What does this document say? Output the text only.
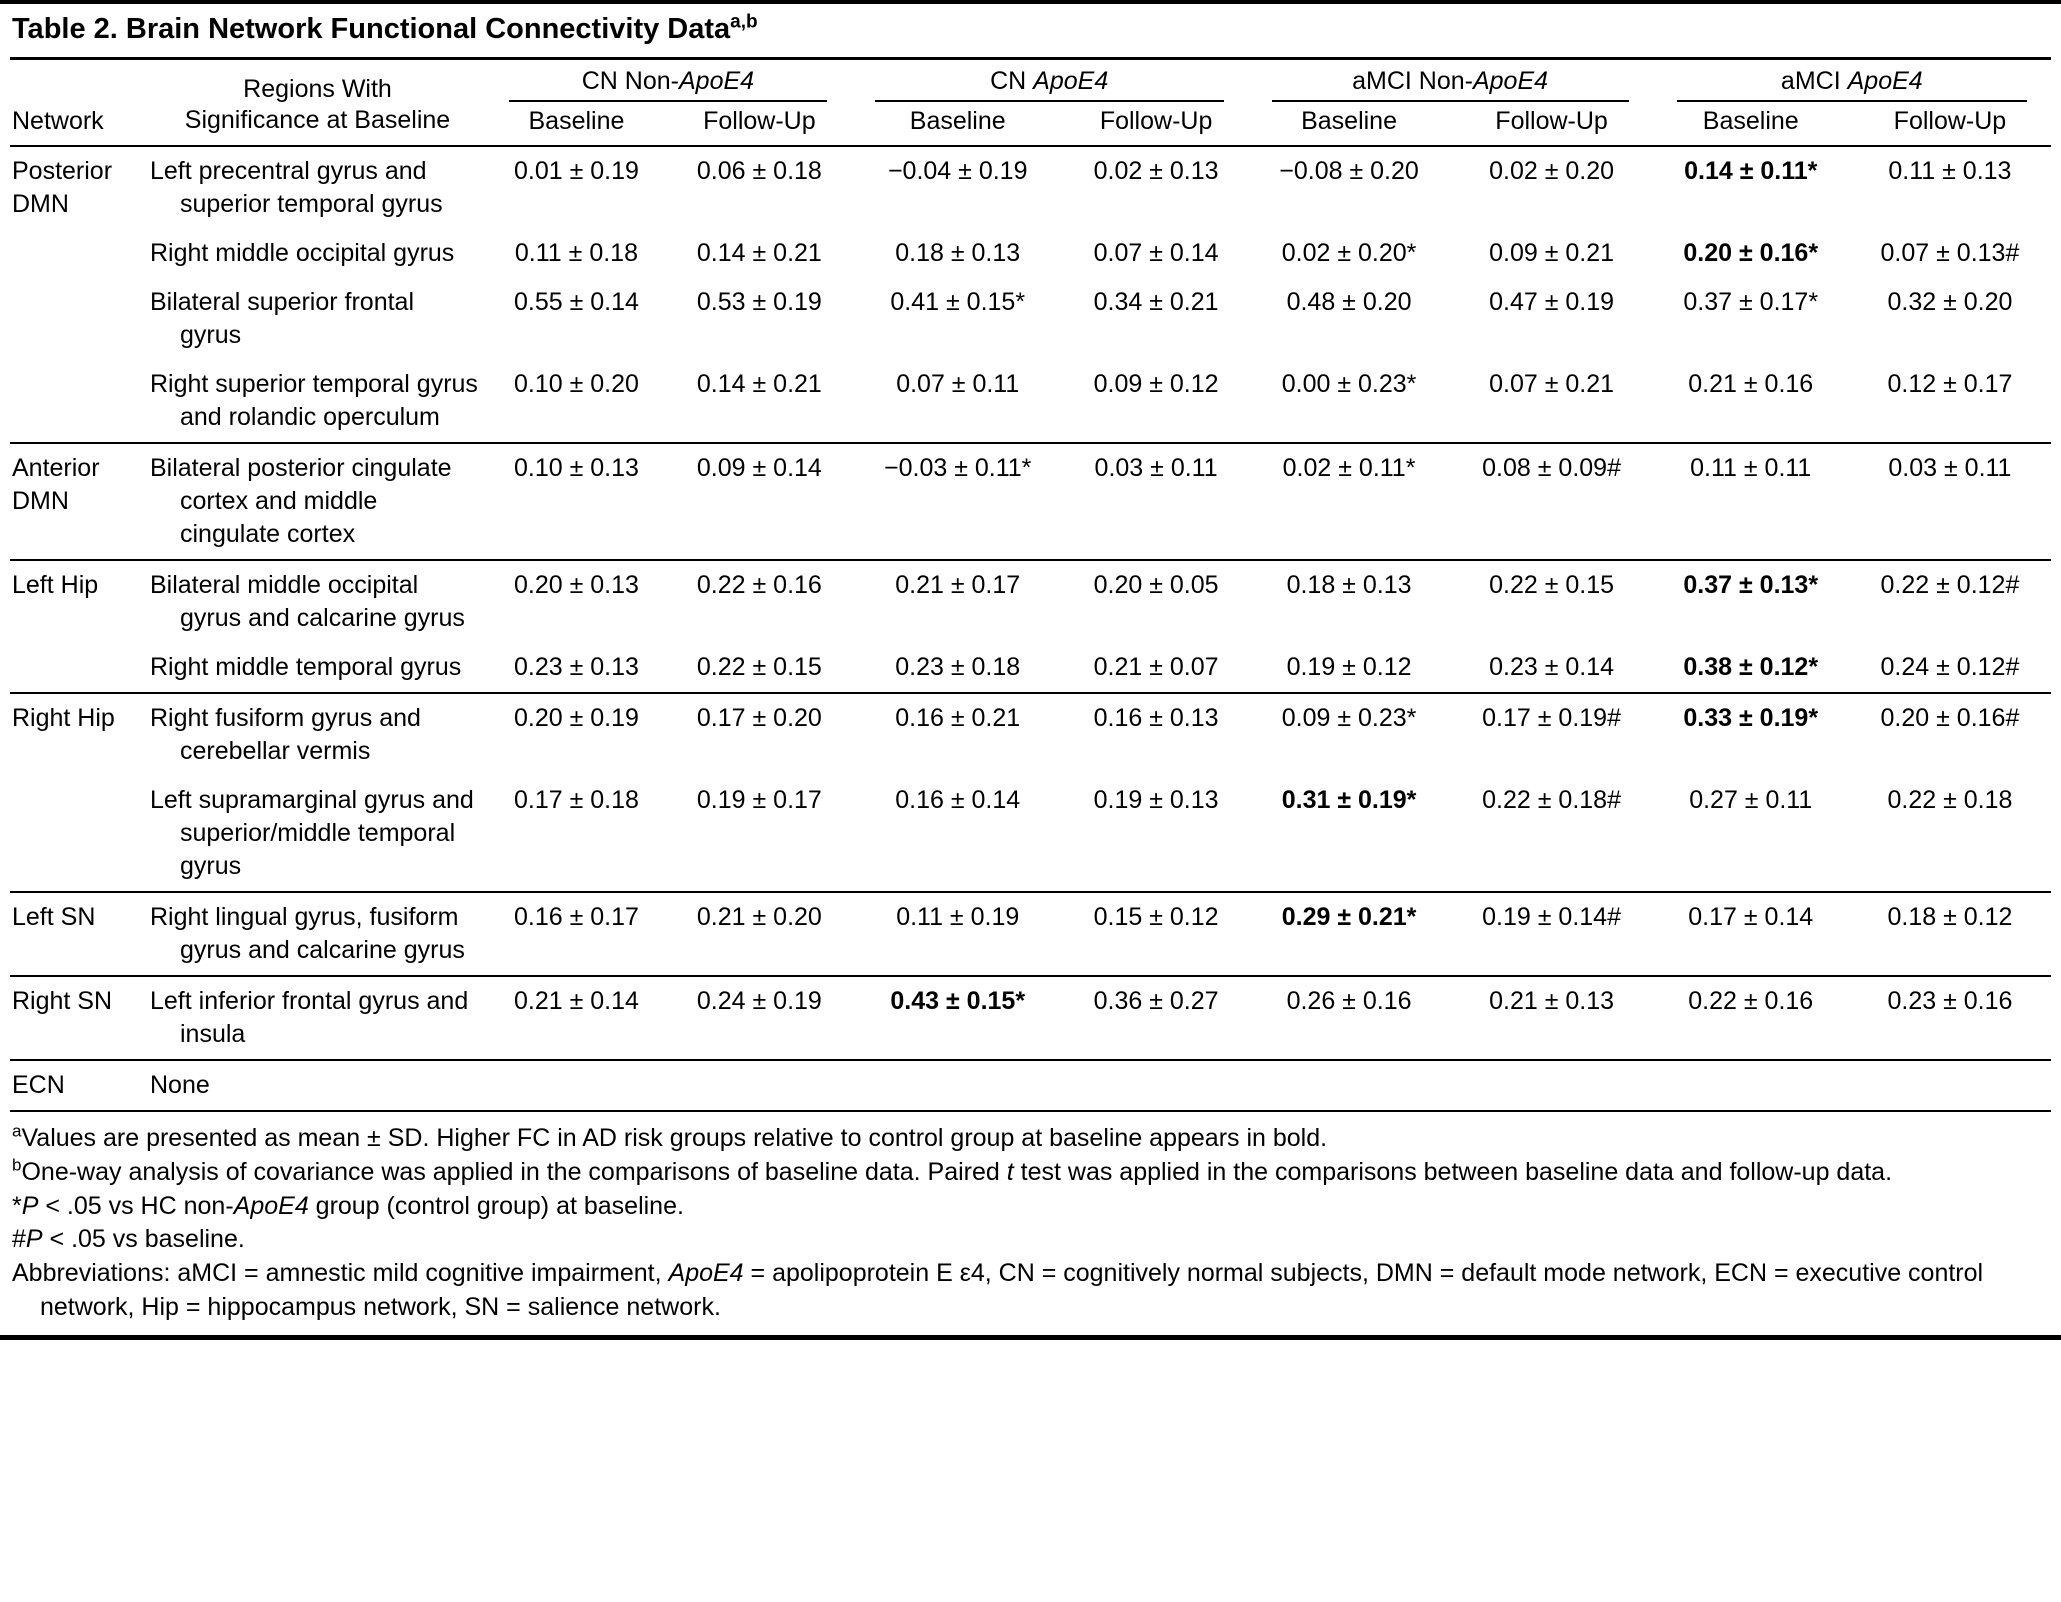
Table 2. Brain Network Functional Connectivity Data$^{a,b}$
Network	Regions With
Significance at Baseline	CN Non-ApoE4		CN ApoE4		aMCI Non-ApoE4		aMCI ApoE4	

		Baseline	Follow-Up	Baseline	Follow-Up	Baseline	Follow-Up	Baseline	Follow-Up
Posterior DMN	Left precentral gyrus and superior temporal gyrus	0.01 ± 0.19	0.06 ± 0.18	−0.04 ± 0.19	0.02 ± 0.13	−0.08 ± 0.20	0.02 ± 0.20	0.14 ± 0.11*	0.11 ± 0.13

	Right middle occipital gyrus	0.11 ± 0.18	0.14 ± 0.21	0.18 ± 0.13	0.07 ± 0.14	0.02 ± 0.20*	0.09 ± 0.21	0.20 ± 0.16*	0.07 ± 0.13#

	Bilateral superior frontal gyrus	0.55 ± 0.14	0.53 ± 0.19	0.41 ± 0.15*	0.34 ± 0.21	0.48 ± 0.20	0.47 ± 0.19	0.37 ± 0.17*	0.32 ± 0.20

	Right superior temporal gyrus and rolandic operculum	0.10 ± 0.20	0.14 ± 0.21	0.07 ± 0.11	0.09 ± 0.12	0.00 ± 0.23*	0.07 ± 0.21	0.21 ± 0.16	0.12 ± 0.17
Anterior DMN	Bilateral posterior cingulate cortex and middle cingulate cortex	0.10 ± 0.13	0.09 ± 0.14	−0.03 ± 0.11*	0.03 ± 0.11	0.02 ± 0.11*	0.08 ± 0.09#	0.11 ± 0.11	0.03 ± 0.11
Left Hip	Bilateral middle occipital gyrus and calcarine gyrus	0.20 ± 0.13	0.22 ± 0.16	0.21 ± 0.17	0.20 ± 0.05	0.18 ± 0.13	0.22 ± 0.15	0.37 ± 0.13*	0.22 ± 0.12#

	Right middle temporal gyrus	0.23 ± 0.13	0.22 ± 0.15	0.23 ± 0.18	0.21 ± 0.07	0.19 ± 0.12	0.23 ± 0.14	0.38 ± 0.12*	0.24 ± 0.12#
Right Hip	Right fusiform gyrus and cerebellar vermis	0.20 ± 0.19	0.17 ± 0.20	0.16 ± 0.21	0.16 ± 0.13	0.09 ± 0.23*	0.17 ± 0.19#	0.33 ± 0.19*	0.20 ± 0.16#

	Left supramarginal gyrus and superior/middle temporal gyrus	0.17 ± 0.18	0.19 ± 0.17	0.16 ± 0.14	0.19 ± 0.13	0.31 ± 0.19*	0.22 ± 0.18#	0.27 ± 0.11	0.22 ± 0.18
Left SN	Right lingual gyrus, fusiform gyrus and calcarine gyrus	0.16 ± 0.17	0.21 ± 0.20	0.11 ± 0.19	0.15 ± 0.12	0.29 ± 0.21*	0.19 ± 0.14#	0.17 ± 0.14	0.18 ± 0.12
Right SN	Left inferior frontal gyrus and insula	0.21 ± 0.14	0.24 ± 0.19	0.43 ± 0.15*	0.36 ± 0.27	0.26 ± 0.16	0.21 ± 0.13	0.22 ± 0.16	0.23 ± 0.16
ECN	None								

$^a$Values are presented as mean ± SD. Higher FC in AD risk groups relative to control group at baseline appears in bold.
$^b$One-way analysis of covariance was applied in the comparisons of baseline data. Paired t test was applied in the comparisons between baseline data and follow-up data.
*P < .05 vs HC non-ApoE4 group (control group) at baseline.
#P < .05 vs baseline.
Abbreviations: aMCI = amnestic mild cognitive impairment, ApoE4 = apolipoprotein E ε4, CN = cognitively normal subjects, DMN = default mode network, ECN = executive control network, Hip = hippocampus network, SN = salience network.
